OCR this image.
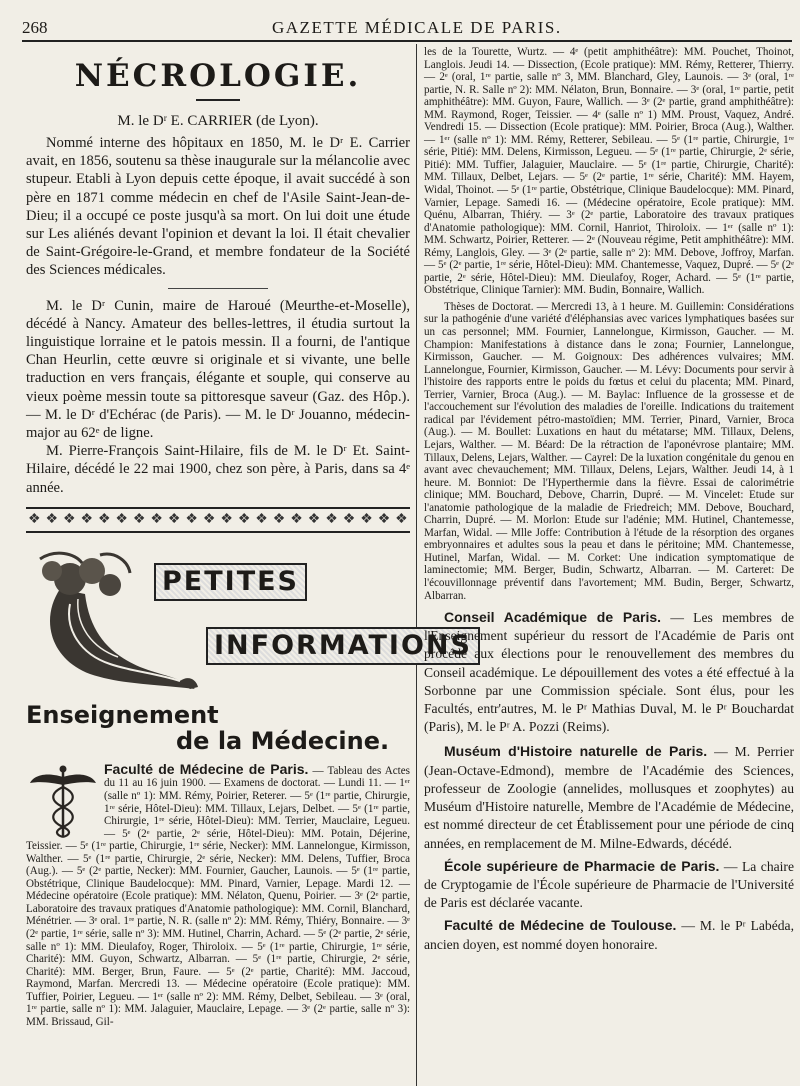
268	GAZETTE MÉDICALE DE PARIS.
NÉCROLOGIE.
M. le Dʳ E. CARRIER (de Lyon).

Nommé interne des hôpitaux en 1850, M. le Dʳ E. Carrier avait, en 1856, soutenu sa thèse inaugurale sur la mélancolie avec stupeur. Etabli à Lyon depuis cette époque, il avait succédé à son père en 1871 comme médecin en chef de l'Asile Saint-Jean-de-Dieu; il a occupé ce poste jusqu'à sa mort. On lui doit une étude sur Les aliénés devant l'opinion et devant la loi. Il était chevalier de Saint-Grégoire-le-Grand, et membre fondateur de la Société des Sciences médicales.

M. le Dʳ Cunin, maire de Haroué (Meurthe-et-Moselle), décédé à Nancy. Amateur des belles-lettres, il étudia surtout la linguistique lorraine et le patois messin. Il a fourni, de l'antique Chan Heurlin, cette œuvre si originale et si vivante, une belle traduction en vers français, élégante et souple, qui conserve au vieux poème messin toute sa pittoresque saveur (Gaz. des Hôp.). — M. le Dʳ d'Echérac (de Paris). — M. le Dʳ Jouanno, médecin-major au 62ᵉ de ligne.

M. Pierre-François Saint-Hilaire, fils de M. le Dʳ Et. Saint-Hilaire, décédé le 22 mai 1900, chez son père, à Paris, dans sa 4ᵉ année.

❖ ❖ ❖ ❖ ❖ ❖ ❖ ❖ ❖ ❖ ❖ ❖ ❖ ❖ ❖ ❖ ❖ ❖ ❖ ❖ ❖ ❖
PETITES
INFORMATIONS
Enseignement
de la Médecine.

Faculté de Médecine de Paris. — Tableau des Actes du 11 au 16 juin 1900. — Examens de doctorat. — Lundi 11. — 1ᵉʳ (salle nº 1): MM. Rémy, Poirier, Reterer. — 5ᵉ (1ʳᵉ partie, Chirurgie, 1ʳᵉ série, Hôtel-Dieu): MM. Tillaux, Lejars, Delbet. — 5ᵉ (1ʳᵉ partie, Chirurgie, 1ʳᵉ série, Hôtel-Dieu): MM. Terrier, Mauclaire, Legueu. — 5ᵉ (2ᵉ partie, 2ᵉ série, Hôtel-Dieu): MM. Potain, Déjerine, Teissier. — 5ᵉ (1ʳᵉ partie, Chirurgie, 1ʳᵉ série, Necker): MM. Lannelongue, Kirmisson, Walther. — 5ᵉ (1ʳᵉ partie, Chirurgie, 2ᵉ série, Necker): MM. Delens, Tuffier, Broca (Aug.). — 5ᵉ (2ᵉ partie, Necker): MM. Fournier, Gaucher, Launois. — 5ᵉ (1ʳᵉ partie, Obstétrique, Clinique Baudelocque): MM. Pinard, Varnier, Lepage. Mardi 12. — Médecine opératoire (Ecole pratique): MM. Nélaton, Quenu, Poirier. — 3ᵉ (2ᵉ partie, Laboratoire des travaux pratiques d'Anatomie pathologique): MM. Cornil, Blanchard, Ménétrier. — 3ᵉ oral. 1ʳᵉ partie, N. R. (salle nº 2): MM. Rémy, Thiéry, Bonnaire. — 3ᵉ (2ᵉ partie, 1ʳᵉ série, salle nº 3): MM. Hutinel, Charrin, Achard. — 5ᵉ (2ᵉ partie, 2ᵉ série, salle nº 1): MM. Dieulafoy, Roger, Thiroloix. — 5ᵉ (1ʳᵉ partie, Chirurgie, 1ʳᵉ série, Charité): MM. Guyon, Schwartz, Albarran. — 5ᵉ (1ʳᵉ partie, Chirurgie, 2ᵉ série, Charité): MM. Berger, Brun, Faure. — 5ᵉ (2ᵉ partie, Charité): MM. Jaccoud, Raymond, Marfan. Mercredi 13. — Médecine opératoire (Ecole pratique): MM. Tuffier, Poirier, Legueu. — 1ᵉʳ (salle nº 2): MM. Rémy, Delbet, Sebileau. — 3ᵉ (oral, 1ʳᵉ partie, salle nº 1): MM. Jalaguier, Mauclaire, Lepage. — 3ᵉ (2ᵉ partie, salle nº 3): MM. Brissaud, Gil-

les de la Tourette, Wurtz. — 4ᵉ (petit amphithéâtre): MM. Pouchet, Thoinot, Langlois. Jeudi 14. — Dissection, (Ecole pratique): MM. Rémy, Retterer, Thierry. — 2ᵉ (oral, 1ʳᵉ partie, salle nº 3, MM. Blanchard, Gley, Launois. — 3ᵉ (oral, 1ʳᵉ partie, N. R. Salle nº 2): MM. Nélaton, Brun, Bonnaire. — 3ᵉ (oral, 1ʳᵉ partie, petit amphithéâtre): MM. Guyon, Faure, Wallich. — 3ᵉ (2ᵉ partie, grand amphithéâtre): MM. Raymond, Roger, Teissier. — 4ᵉ (salle nº 1) MM. Proust, Vaquez, André. Vendredi 15. — Dissection (Ecole pratique): MM. Poirier, Broca (Aug.), Walther. — 1ᵉʳ (salle nº 1): MM. Rémy, Retterer, Sebileau. — 5ᵉ (1ʳᵉ partie, Chirurgie, 1ʳᵉ série, Pitié): MM. Delens, Kirmisson, Legueu. — 5ᵉ (1ʳᵉ partie, Chirurgie, 2ᵉ série, Pitié): MM. Tuffier, Jalaguier, Mauclaire. — 5ᵉ (1ʳᵉ partie, Chirurgie, Charité): MM. Tillaux, Delbet, Lejars. — 5ᵉ (2ᵉ partie, 1ʳᵉ série, Charité): MM. Hayem, Widal, Thoinot. — 5ᵉ (1ʳᵉ partie, Obstétrique, Clinique Baudelocque): MM. Pinard, Varnier, Lepage. Samedi 16. — (Médecine opératoire, Ecole pratique): MM. Quénu, Albarran, Thiéry. — 3ᵉ (2ᵉ partie, Laboratoire des travaux pratiques d'Anatomie pathologique): MM. Cornil, Hanriot, Thiroloix. — 1ᵉʳ (salle nº 1): MM. Schwartz, Poirier, Retterer. — 2ᵉ (Nouveau régime, Petit amphithéâtre): MM. Rémy, Langlois, Gley. — 3ᵉ (2ᵉ partie, salle nº 2): MM. Debove, Joffroy, Marfan. — 5ᵉ (2ᵉ partie, 1ʳᵉ série, Hôtel-Dieu): MM. Chantemesse, Vaquez, Dupré. — 5ᵉ (2ᵉ partie, 2ᵉ série, Hôtel-Dieu): MM. Dieulafoy, Roger, Achard. — 5ᵉ (1ʳᵉ partie, Obstétrique, Clinique Tarnier): MM. Budin, Bonnaire, Wallich.

Thèses de Doctorat. — Mercredi 13, à 1 heure. M. Guillemin: Considérations sur la pathogénie d'une variété d'éléphansias avec varices lymphatiques basées sur un cas personnel; MM. Fournier, Lannelongue, Kirmisson, Gaucher. — M. Champion: Manifestations à distance dans le zona; Fournier, Lannelongue, Kirmisson, Gaucher. — M. Goignoux: Des adhérences vulvaires; MM. Lannelongue, Fournier, Kirmisson, Gaucher. — M. Lévy: Documents pour servir à l'histoire des rapports entre le poids du fœtus et celui du placenta; MM. Pinard, Terrier, Varnier, Broca (Aug.). — M. Baylac: Influence de la grossesse et de l'accouchement sur l'évolution des maladies de l'oreille. Indications du traitement radical par l'évidement pétro-mastoïdien; MM. Terrier, Pinard, Varnier, Broca (Aug.). — M. Boullet: Luxations en haut du métatarse; MM. Tillaux, Delens, Lejars, Walther. — M. Béard: De la rétraction de l'aponévrose plantaire; MM. Tillaux, Delens, Lejars, Walther. — Cayrel: De la luxation congénitale du genou en avant avec chevauchement; MM. Tillaux, Delens, Lejars, Walther. Jeudi 14, à 1 heure. M. Bonniot: De l'Hyperthermie dans la fièvre. Essai de calorimétrie clinique; MM. Bouchard, Debove, Charrin, Dupré. — M. Vincelet: Etude sur l'anatomie pathologique de la maladie de Friedreich; MM. Debove, Bouchard, Charrin, Dupré. — M. Morlon: Etude sur l'adénie; MM. Hutinel, Chantemesse, Marfan, Widal. — Mlle Joffe: Contribution à l'étude de la résorption des organes embryonnaires et adultes sous la peau et dans le péritoine; MM. Chantemesse, Hutinel, Marfan, Widal. — M. Corket: Une indication symptomatique de laminectomie; MM. Berger, Budin, Schwartz, Albarran. — M. Carteret: De l'écouvillonnage préventif dans l'avortement; MM. Budin, Berger, Schwartz, Albarran.

Conseil Académique de Paris. — Les membres de l'Enseignement supérieur du ressort de l'Académie de Paris ont procédé aux élections pour le renouvellement des membres du Conseil académique. Le dépouillement des votes a été effectué à la Sorbonne par une Commission spéciale. Sont élus, pour les Facultés, entr'autres, M. le Pʳ Mathias Duval, M. le Pʳ Bouchardat (Paris), M. le Pʳ A. Pozzi (Reims).

Muséum d'Histoire naturelle de Paris. — M. Perrier (Jean-Octave-Edmond), membre de l'Académie des Sciences, professeur de Zoologie (annelides, mollusques et zoophytes) au Muséum d'Histoire naturelle, Membre de l'Académie de Médecine, est nommé directeur de cet Établissement pour une période de cinq années, en remplacement de M. Milne-Edwards, décédé.

École supérieure de Pharmacie de Paris. — La chaire de Cryptogamie de l'École supérieure de Pharmacie de l'Université de Paris est déclarée vacante.

Faculté de Médecine de Toulouse. — M. le Pʳ Labéda, ancien doyen, est nommé doyen honoraire.
